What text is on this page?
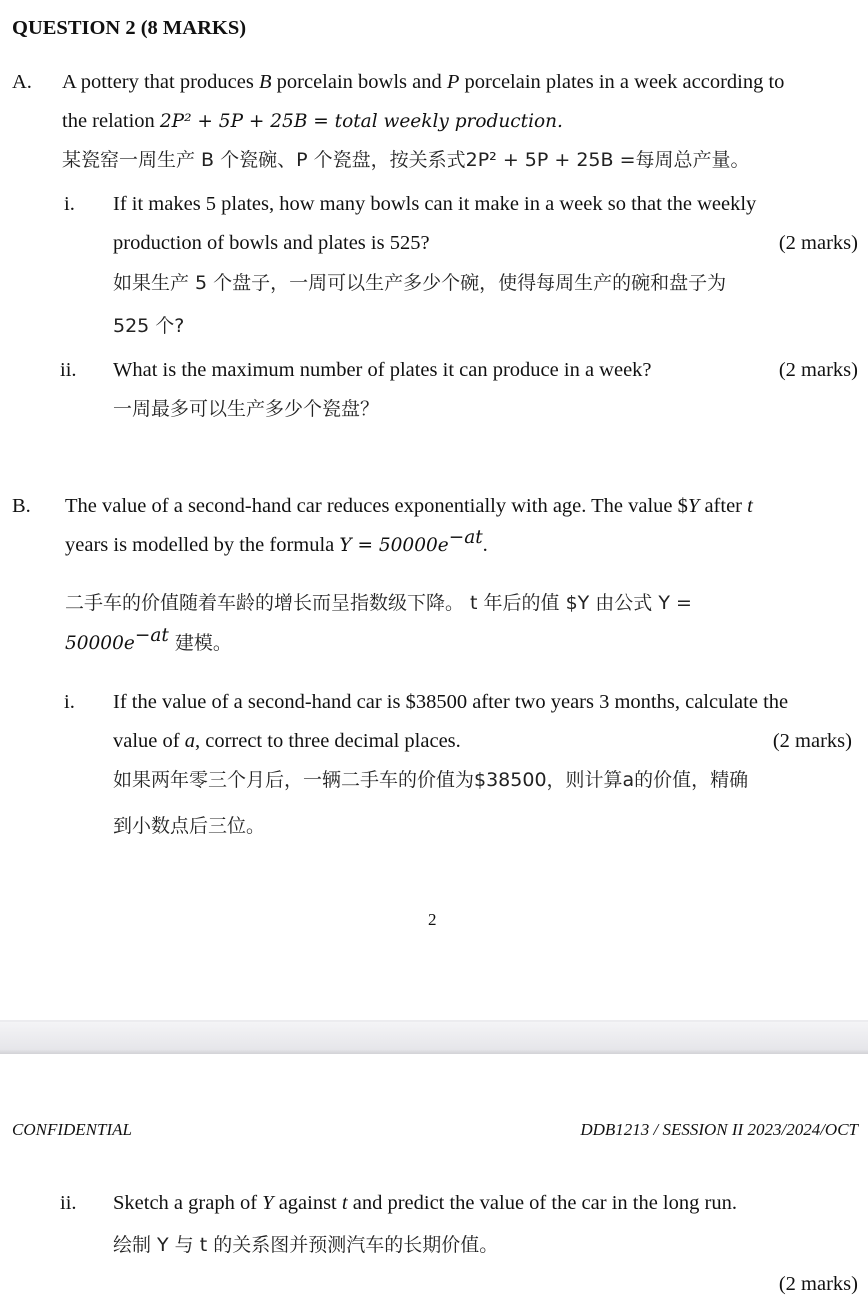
QUESTION 2 (8 MARKS)
A. A pottery that produces B porcelain bowls and P porcelain plates in a week according to
the relation 2P² + 5P + 25B = total weekly production.
某瓷窑一周生产 B 个瓷碗、P 个瓷盘，按关系式2P² + 5P + 25B =每周总产量。
i. If it makes 5 plates, how many bowls can it make in a week so that the weekly
production of bowls and plates is 525?	(2 marks)
如果生产 5 个盘子，一周可以生产多少个碗，使得每周生产的碗和盘子为
525 个?
ii. What is the maximum number of plates it can produce in a week?	(2 marks)
一周最多可以生产多少个瓷盘？
B. The value of a second-hand car reduces exponentially with age. The value $Y after t
years is modelled by the formula $Y = 50000e^{-at}$.
二手车的价值随着车龄的增长而呈指数级下降。 t 年后的值 $Y 由公式 Y =
$50000e^{-at}$ 建模。
i. If the value of a second-hand car is $38500 after two years 3 months, calculate the
value of a, correct to three decimal places.	(2 marks)
如果两年零三个月后，一辆二手车的价值为$38500，则计算a的价值，精确
到小数点后三位。
2
CONFIDENTIAL	DDB1213 / SESSION II 2023/2024/OCT
ii. Sketch a graph of Y against t and predict the value of the car in the long run.
绘制 Y 与 t 的关系图并预测汽车的长期价值。
(2 marks)
